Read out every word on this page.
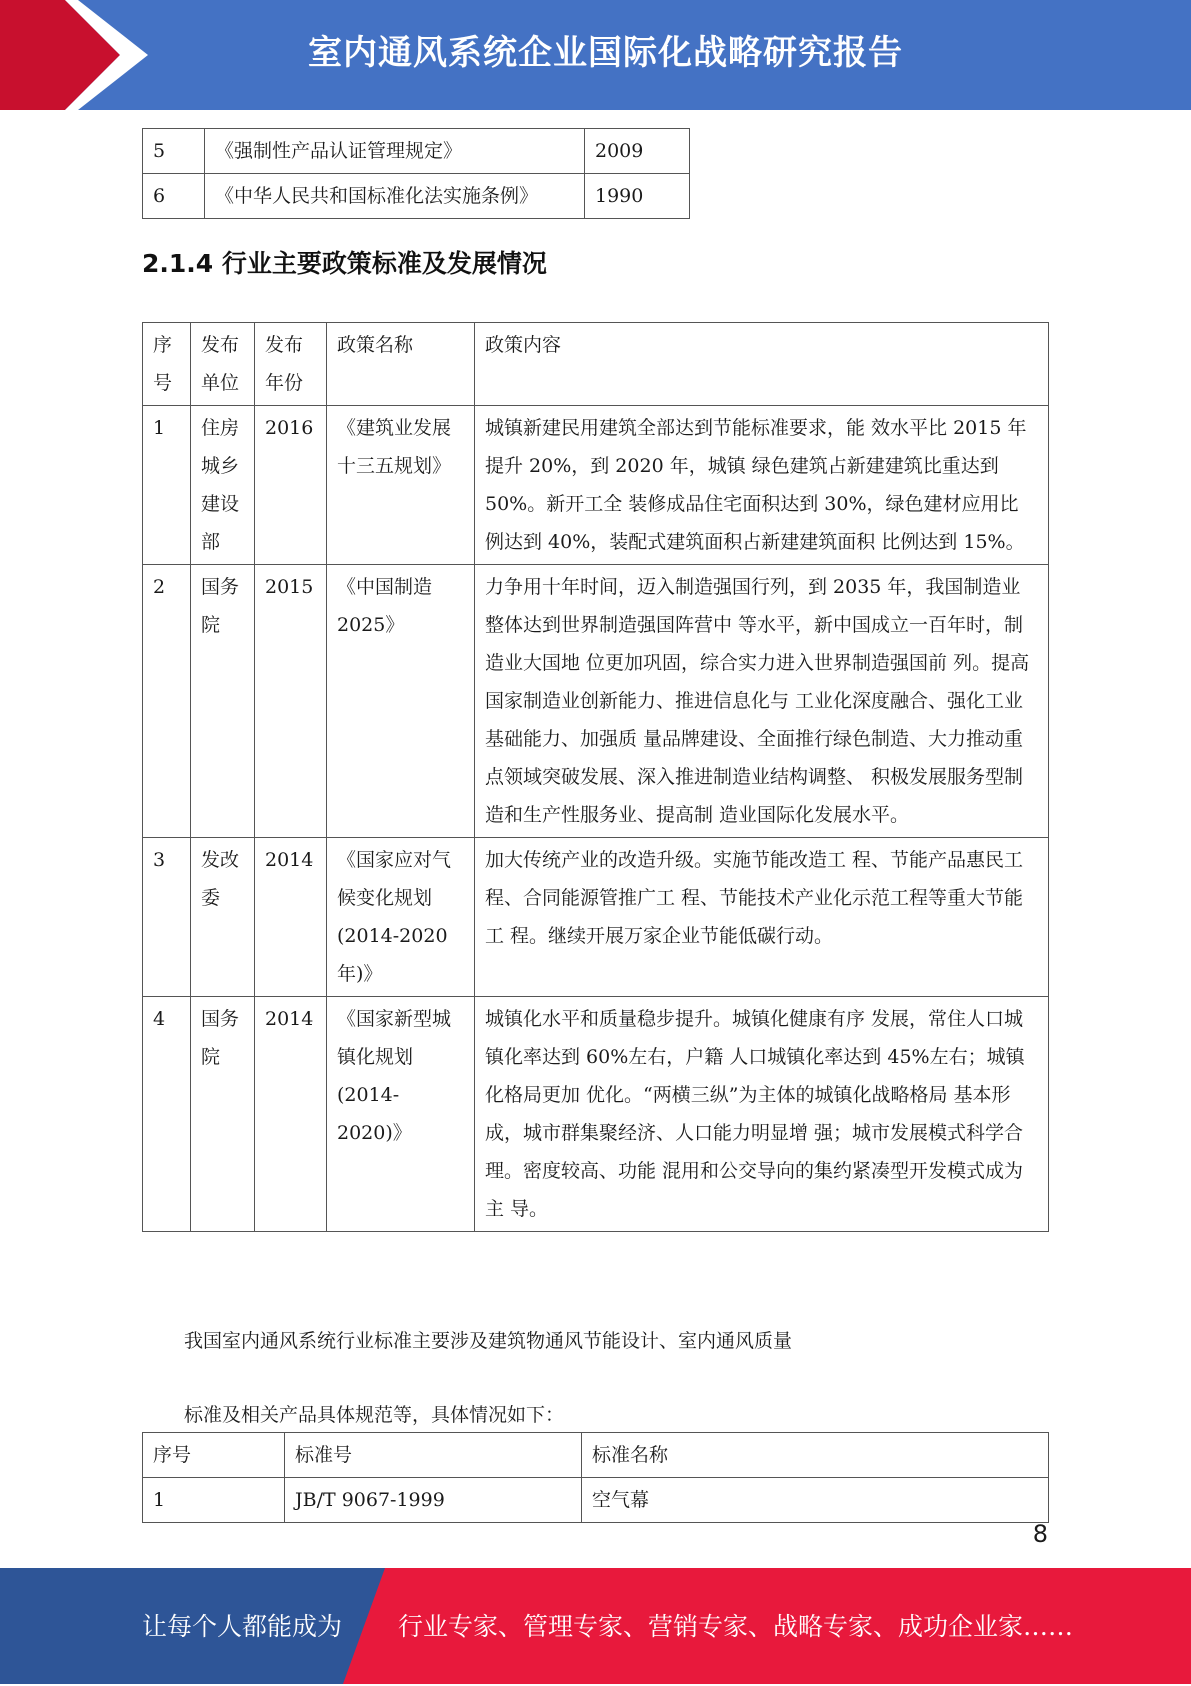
室内通风系统企业国际化战略研究报告
5	《强制性产品认证管理规定》	2009
6	《中华人民共和国标准化法实施条例》	1990
2.1.4 行业主要政策标准及发展情况
序号	发布单位	发布年份	政策名称	政策内容
1	住房城乡建设部	2016	《建筑业发展十三五规划》	城镇新建民用建筑全部达到节能标准要求，能 效水平比 2015 年提升 20%，到 2020 年，城镇 绿色建筑占新建建筑比重达到 50%。新开工全 装修成品住宅面积达到 30%，绿色建材应用比 例达到 40%，装配式建筑面积占新建建筑面积 比例达到 15%。
2	国务院	2015	《中国制造 2025》	力争用十年时间，迈入制造强国行列，到 2035 年，我国制造业整体达到世界制造强国阵营中 等水平，新中国成立一百年时，制造业大国地 位更加巩固，综合实力进入世界制造强国前 列。提高国家制造业创新能力、推进信息化与 工业化深度融合、强化工业基础能力、加强质 量品牌建设、全面推行绿色制造、大力推动重 点领域突破发展、深入推进制造业结构调整、 积极发展服务型制造和生产性服务业、提高制 造业国际化发展水平。
3	发改委	2014	《国家应对气候变化规划 (2014-2020 年)》	加大传统产业的改造升级。实施节能改造工 程、节能产品惠民工程、合同能源管推广工 程、节能技术产业化示范工程等重大节能工 程。继续开展万家企业节能低碳行动。
4	国务院	2014	《国家新型城镇化规划 (2014-2020)》	城镇化水平和质量稳步提升。城镇化健康有序 发展，常住人口城镇化率达到 60%左右，户籍 人口城镇化率达到 45%左右；城镇化格局更加 优化。“两横三纵”为主体的城镇化战略格局 基本形成，城市群集聚经济、人口能力明显增 强；城市发展模式科学合理。密度较高、功能 混用和公交导向的集约紧凑型开发模式成为主 导。
我国室内通风系统行业标准主要涉及建筑物通风节能设计、室内通风质量
标准及相关产品具体规范等，具体情况如下：
序号	标准号	标准名称
1	JB/T 9067-1999	空气幕
8
让每个人都能成为 行业专家、管理专家、营销专家、战略专家、成功企业家……
